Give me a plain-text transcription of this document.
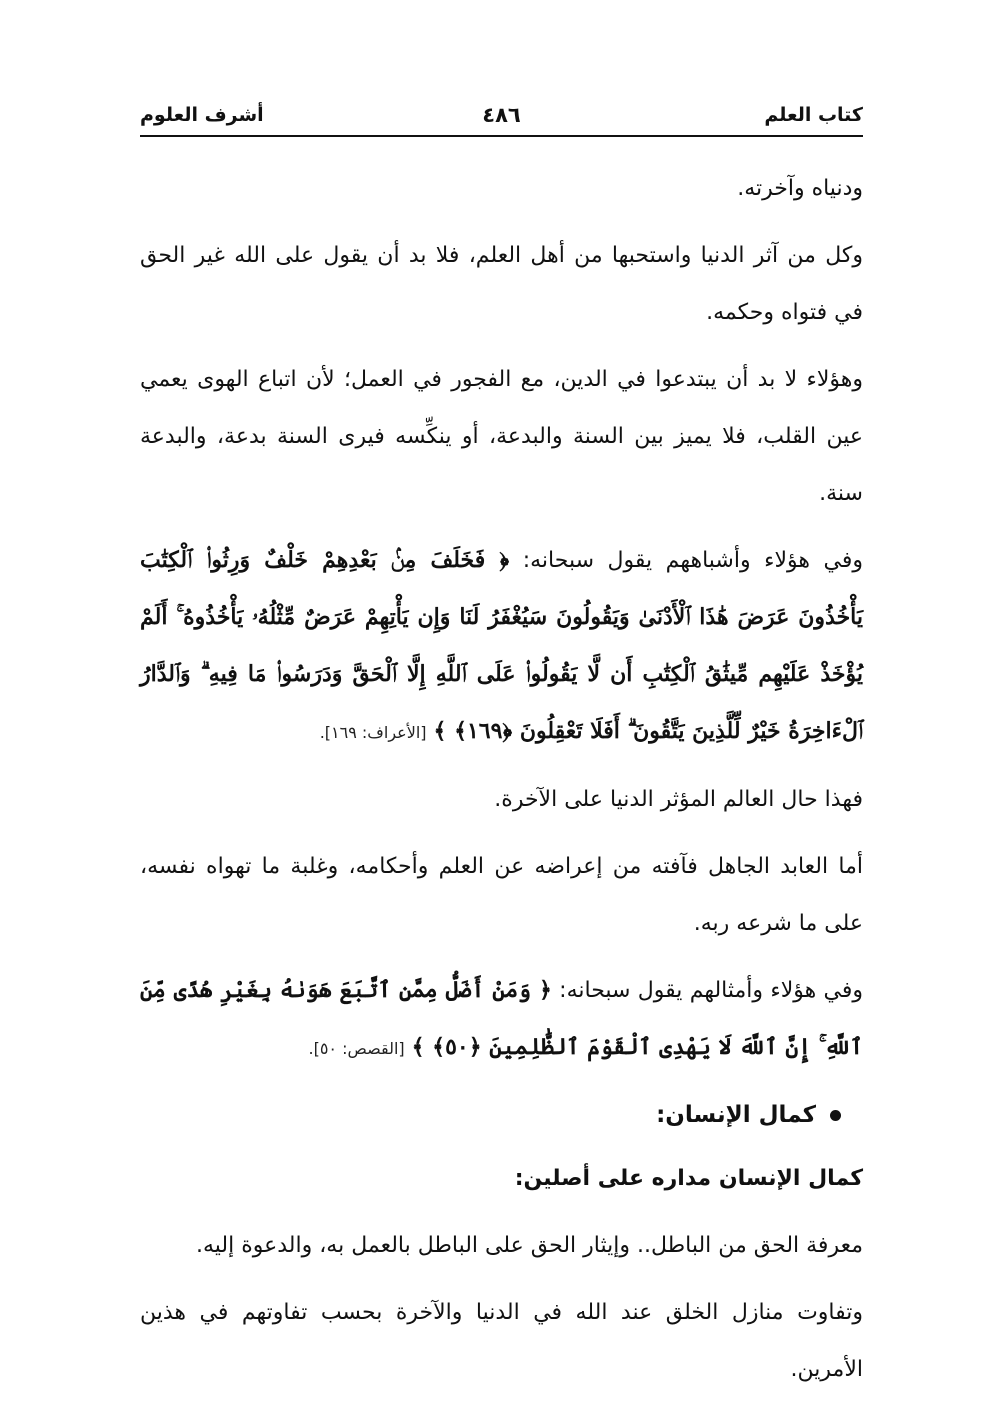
كتاب العلم
٤٨٦
أشرف العلوم

ودنياه وآخرته.

وكل من آثر الدنيا واستحبها من أهل العلم، فلا بد أن يقول على الله غير الحق في فتواه وحكمه.

وهؤلاء لا بد أن يبتدعوا في الدين، مع الفجور في العمل؛ لأن اتباع الهوى يعمي عين القلب، فلا يميز بين السنة والبدعة، أو ينكِّسه فيرى السنة بدعة، والبدعة سنة.

وفي هؤلاء وأشباههم يقول سبحانه: ﴿ فَخَلَفَ مِنۢ بَعْدِهِمْ خَلْفٌ وَرِثُوا۟ ٱلْكِتَٰبَ يَأْخُذُونَ عَرَضَ هَٰذَا ٱلْأَدْنَىٰ وَيَقُولُونَ سَيُغْفَرُ لَنَا وَإِن يَأْتِهِمْ عَرَضٌ مِّثْلُهُۥ يَأْخُذُوهُ ۚ أَلَمْ يُؤْخَذْ عَلَيْهِم مِّيثَٰقُ ٱلْكِتَٰبِ أَن لَّا يَقُولُوا۟ عَلَى ٱللَّهِ إِلَّا ٱلْحَقَّ وَدَرَسُوا۟ مَا فِيهِ ۗ وَٱلدَّارُ ٱلْءَاخِرَةُ خَيْرٌ لِّلَّذِينَ يَتَّقُونَ ۗ أَفَلَا تَعْقِلُونَ ﴿١٦٩﴾ ﴾ [الأعراف: ١٦٩].

فهذا حال العالم المؤثر الدنيا على الآخرة.

أما العابد الجاهل فآفته من إعراضه عن العلم وأحكامه، وغلبة ما تهواه نفسه، على ما شرعه ربه.

وفي هؤلاء وأمثالهم يقول سبحانه: ﴿ وَمَنْ أَضَلُّ مِمَّنِ ٱتَّبَعَ هَوَىٰهُ بِغَيْرِ هُدًى مِّنَ ٱللَّهِ ۚ إِنَّ ٱللَّهَ لَا يَهْدِى ٱلْقَوْمَ ٱلظَّٰلِمِينَ ﴿٥٠﴾ ﴾ [القصص: ٥٠].

كمال الإنسان:

كمال الإنسان مداره على أصلين:

معرفة الحق من الباطل.. وإيثار الحق على الباطل بالعمل به، والدعوة إليه.

وتفاوت منازل الخلق عند الله في الدنيا والآخرة بحسب تفاوتهم في هذين الأمرين.
